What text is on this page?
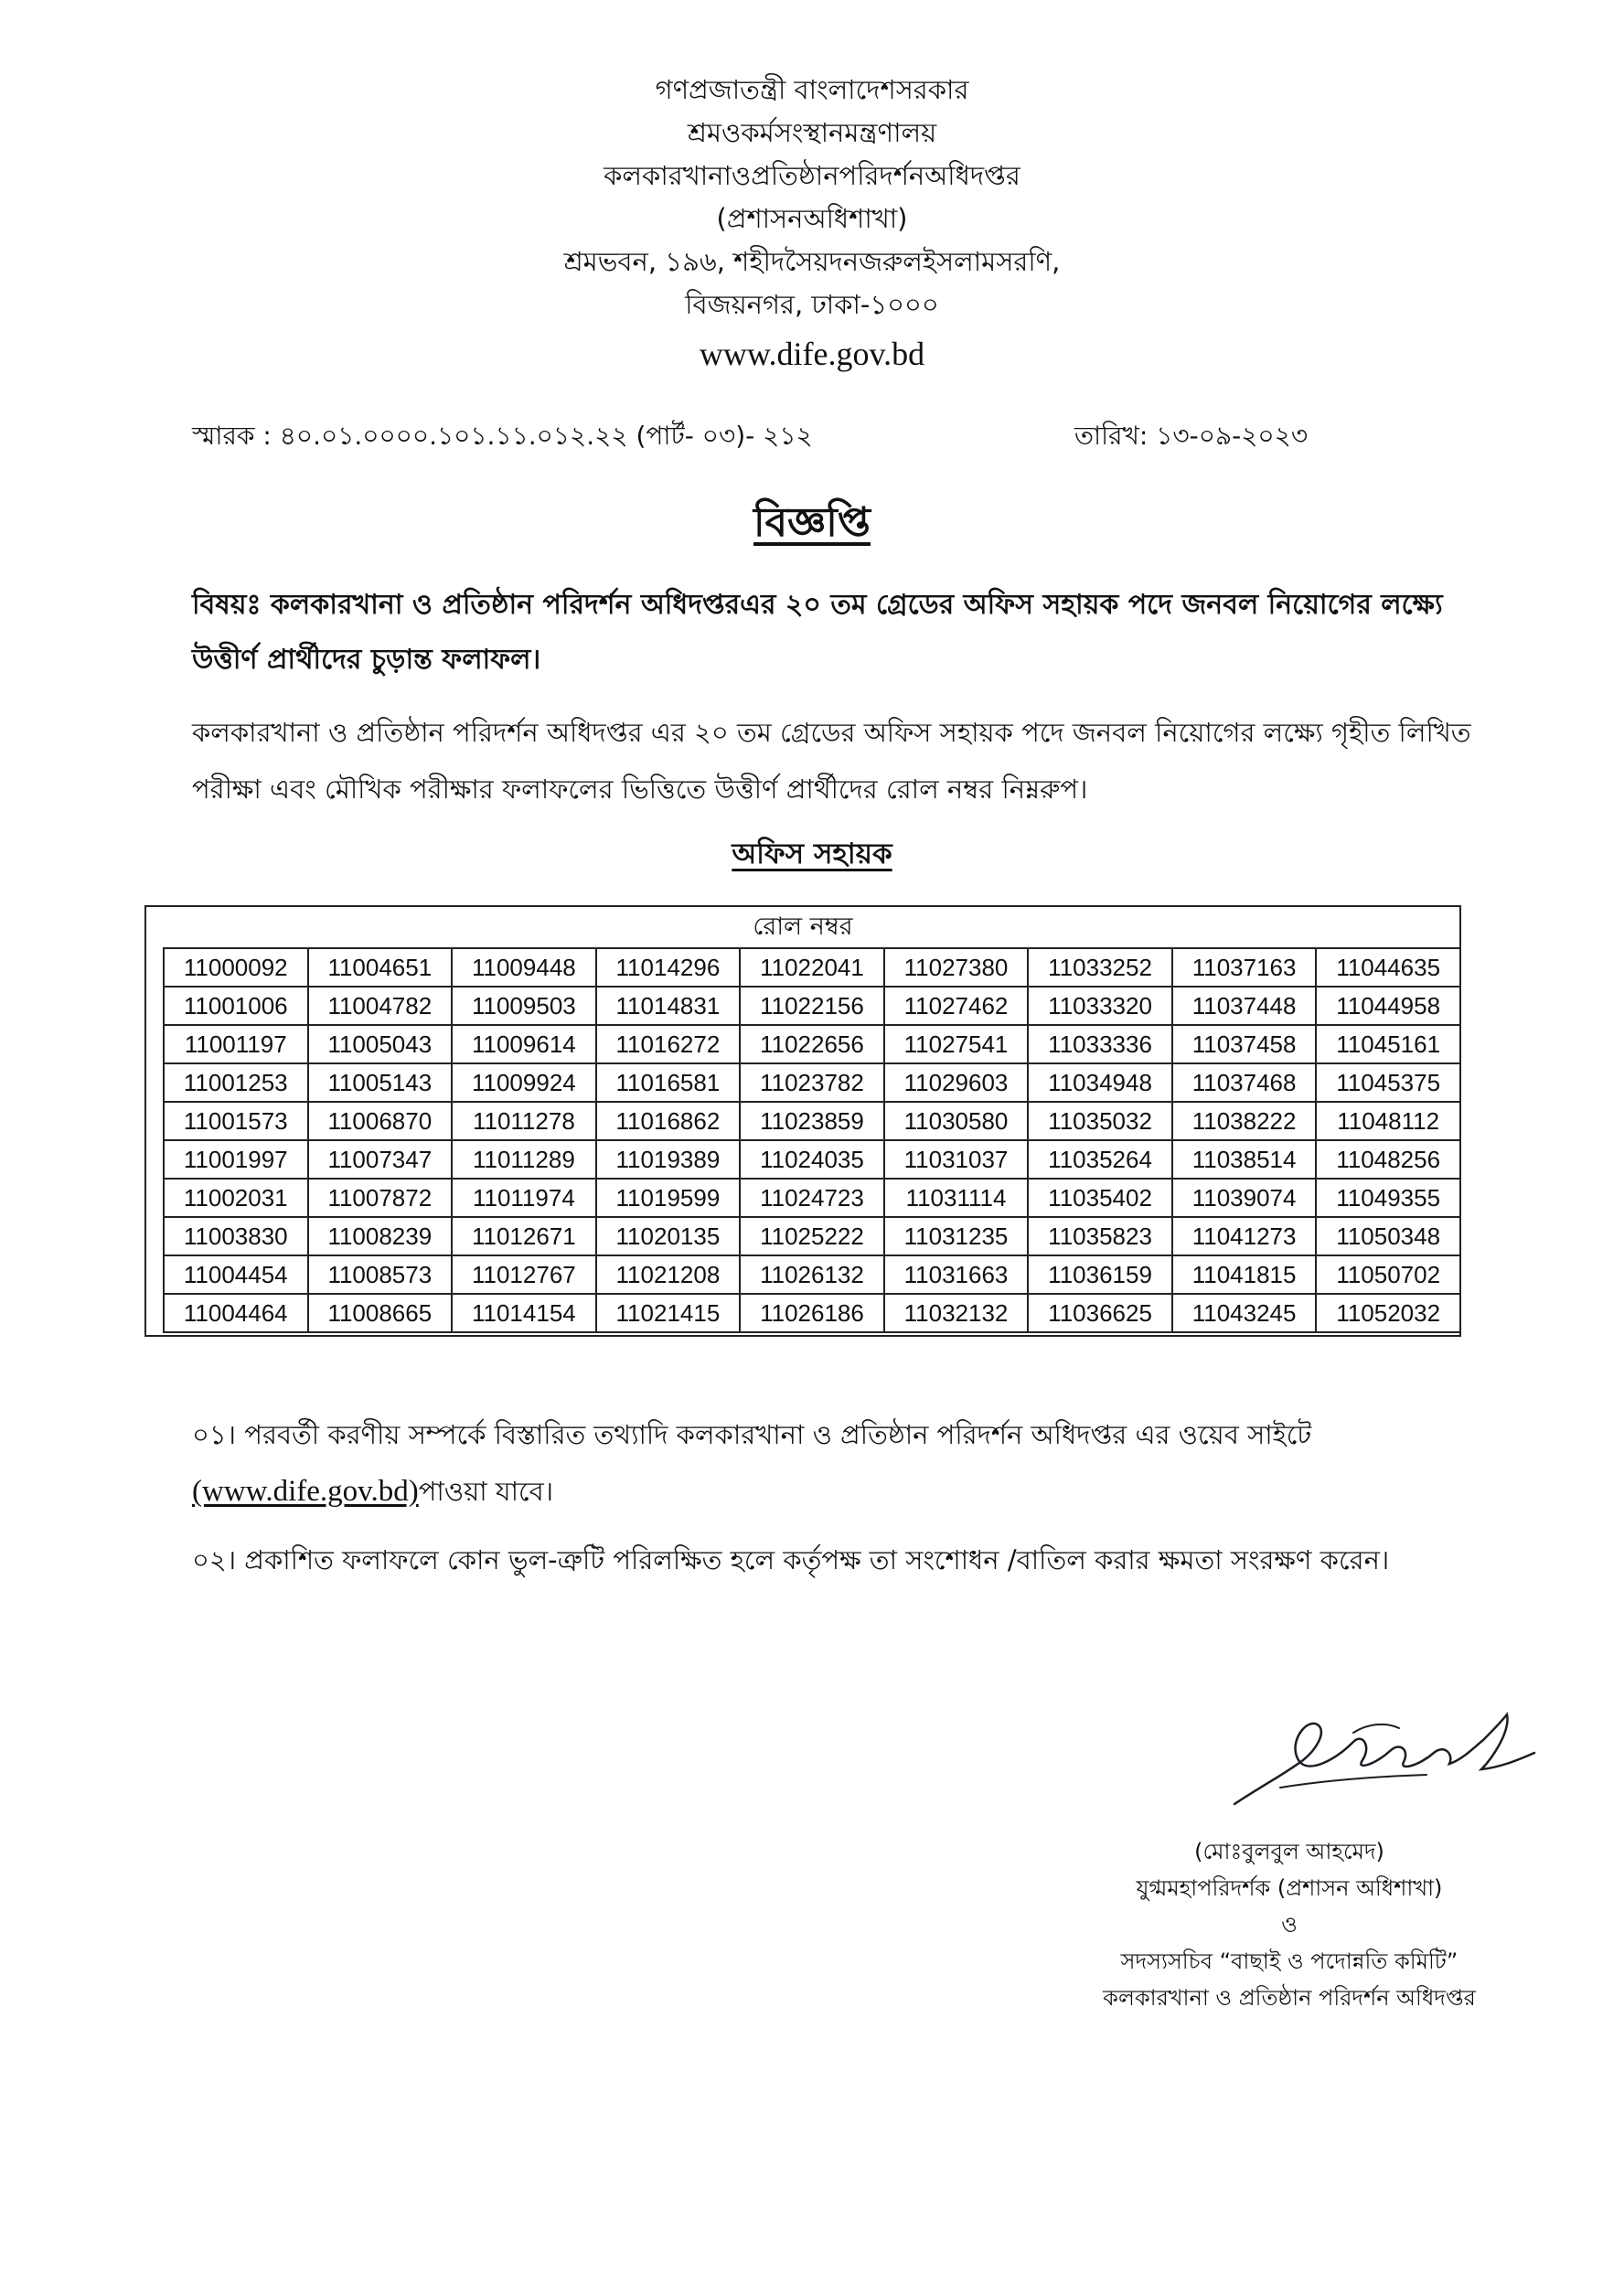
গণপ্রজাতন্ত্রী বাংলাদেশসরকার
শ্রমওকর্মসংস্থানমন্ত্রণালয়
কলকারখানাওপ্রতিষ্ঠানপরিদর্শনঅধিদপ্তর
(প্রশাসনঅধিশাখা)
শ্রমভবন, ১৯৬, শহীদসৈয়দনজরুলইসলামসরণি,
বিজয়নগর, ঢাকা-১০০০
www.dife.gov.bd
স্মারক : ৪০.০১.০০০০.১০১.১১.০১২.২২ (পার্ট- ০৩)- ২১২	তারিখ: ১৩-০৯-২০২৩
বিজ্ঞপ্তি
বিষয়ঃ কলকারখানা ও প্রতিষ্ঠান পরিদর্শন অধিদপ্তরএর ২০ তম গ্রেডের অফিস সহায়ক পদে জনবল নিয়োগের লক্ষ্যে উত্তীর্ণ প্রার্থীদের চুড়ান্ত ফলাফল।
কলকারখানা ও প্রতিষ্ঠান পরিদর্শন অধিদপ্তর এর ২০ তম গ্রেডের অফিস সহায়ক পদে জনবল নিয়োগের লক্ষ্যে গৃহীত লিখিত পরীক্ষা এবং মৌখিক পরীক্ষার ফলাফলের ভিত্তিতে উত্তীর্ণ প্রার্থীদের রোল নম্বর নিম্নরুপ।
অফিস সহায়ক
রোল নম্বর
11000092	11004651	11009448	11014296	11022041	11027380	11033252	11037163	11044635
11001006	11004782	11009503	11014831	11022156	11027462	11033320	11037448	11044958
11001197	11005043	11009614	11016272	11022656	11027541	11033336	11037458	11045161
11001253	11005143	11009924	11016581	11023782	11029603	11034948	11037468	11045375
11001573	11006870	11011278	11016862	11023859	11030580	11035032	11038222	11048112
11001997	11007347	11011289	11019389	11024035	11031037	11035264	11038514	11048256
11002031	11007872	11011974	11019599	11024723	11031114	11035402	11039074	11049355
11003830	11008239	11012671	11020135	11025222	11031235	11035823	11041273	11050348
11004454	11008573	11012767	11021208	11026132	11031663	11036159	11041815	11050702
11004464	11008665	11014154	11021415	11026186	11032132	11036625	11043245	11052032
০১। পরবর্তী করণীয় সম্পর্কে বিস্তারিত তথ্যাদি কলকারখানা ও প্রতিষ্ঠান পরিদর্শন অধিদপ্তর এর ওয়েব সাইটে
(www.dife.gov.bd)পাওয়া যাবে।
০২। প্রকাশিত ফলাফলে কোন ভুল-ত্রুটি পরিলক্ষিত হলে কর্তৃপক্ষ তা সংশোধন /বাতিল করার ক্ষমতা সংরক্ষণ করেন।
(মোঃবুলবুল আহমেদ)
যুগ্মমহাপরিদর্শক (প্রশাসন অধিশাখা)
ও
সদস্যসচিব “বাছাই ও পদোন্নতি কমিটি”
কলকারখানা ও প্রতিষ্ঠান পরিদর্শন অধিদপ্তর
